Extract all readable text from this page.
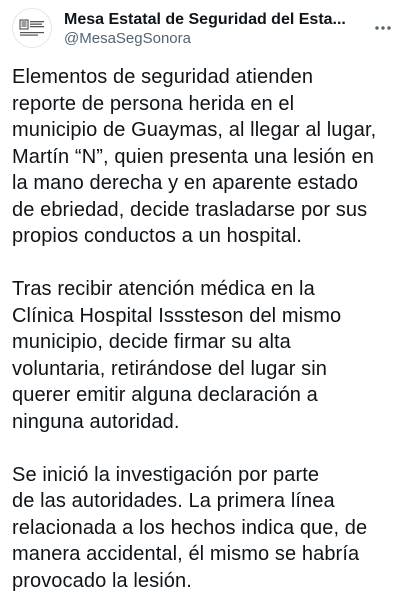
Mesa Estatal de Seguridad del Esta...
@MesaSegSonora

Elementos de seguridad atienden
reporte de persona herida en el
municipio de Guaymas, al llegar al lugar,
Martín “N”, quien presenta una lesión en
la mano derecha y en aparente estado
de ebriedad, decide trasladarse por sus
propios conductos a un hospital.

Tras recibir atención médica en la
Clínica Hospital Isssteson del mismo
municipio, decide firmar su alta
voluntaria, retirándose del lugar sin
querer emitir alguna declaración a
ninguna autoridad.

Se inició la investigación por parte
de las autoridades. La primera línea
relacionada a los hechos indica que, de
manera accidental, él mismo se habría
provocado la lesión.
